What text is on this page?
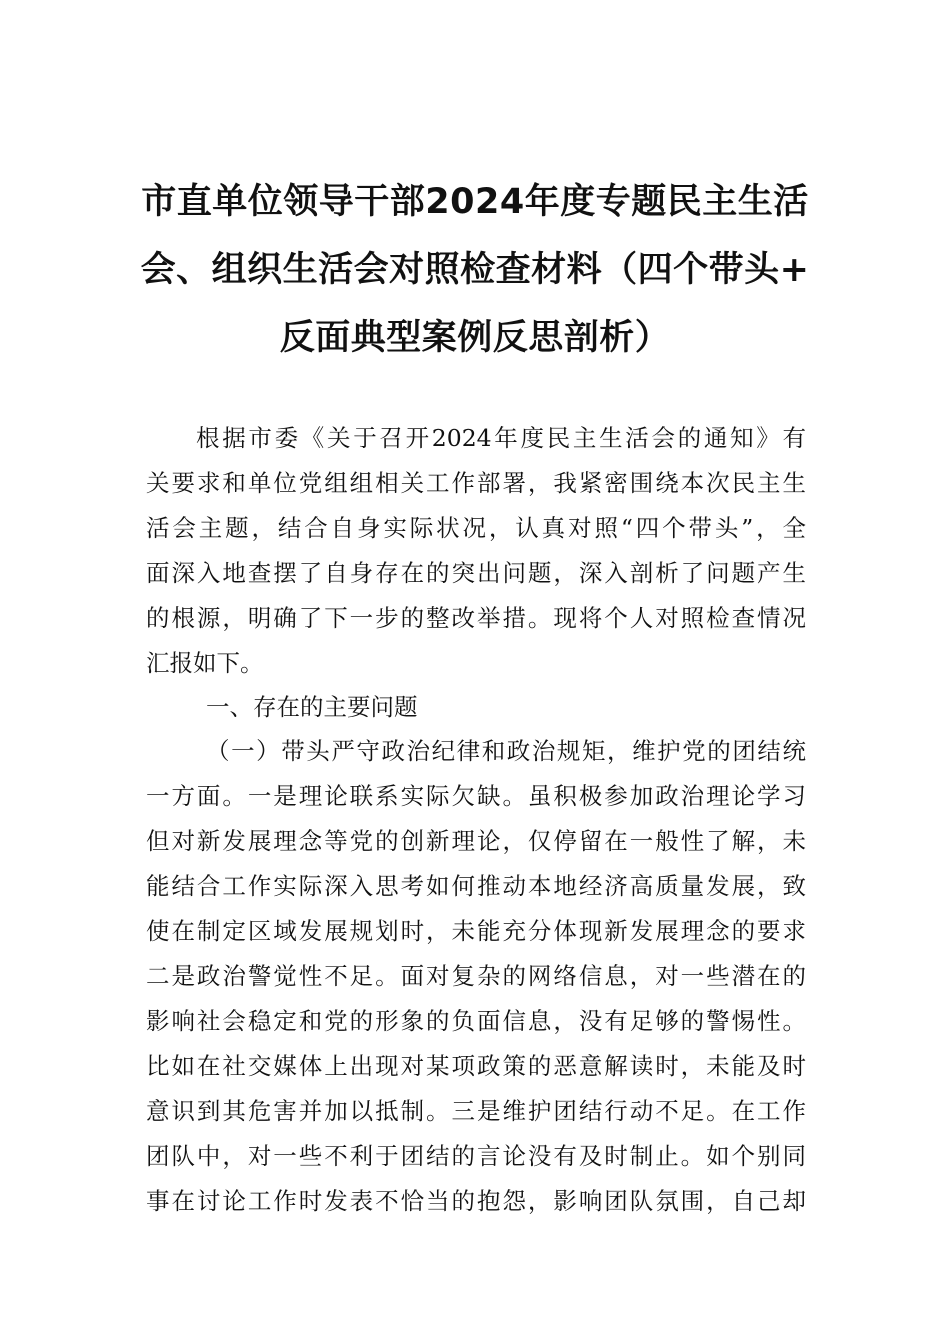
市直单位领导干部2024年度专题民主生活
会、组织生活会对照检查材料（四个带头+
反面典型案例反思剖析）
根据市委《关于召开2024年度民主生活会的通知》有
关要求和单位党组组相关工作部署，我紧密围绕本次民主生
活会主题，结合自身实际状况，认真对照“四个带头”，全
面深入地查摆了自身存在的突出问题，深入剖析了问题产生
的根源，明确了下一步的整改举措。现将个人对照检查情况
汇报如下。
一、存在的主要问题
（一）带头严守政治纪律和政治规矩，维护党的团结统
一方面。一是理论联系实际欠缺。虽积极参加政治理论学习
但对新发展理念等党的创新理论，仅停留在一般性了解，未
能结合工作实际深入思考如何推动本地经济高质量发展，致
使在制定区域发展规划时，未能充分体现新发展理念的要求
二是政治警觉性不足。面对复杂的网络信息，对一些潜在的
影响社会稳定和党的形象的负面信息，没有足够的警惕性。
比如在社交媒体上出现对某项政策的恶意解读时，未能及时
意识到其危害并加以抵制。三是维护团结行动不足。在工作
团队中，对一些不利于团结的言论没有及时制止。如个别同
事在讨论工作时发表不恰当的抱怨，影响团队氛围，自己却
